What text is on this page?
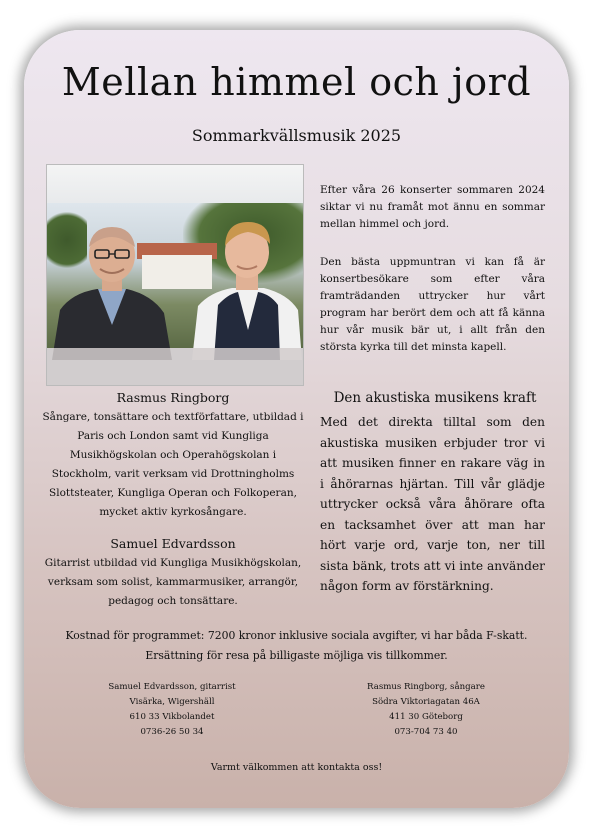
Mellan himmel och jord
Sommarkvällsmusik 2025
Rasmus Ringborg
Sångare, tonsättare och textförfattare, utbildad i Paris och London samt vid Kungliga Musikhögskolan och Operahögskolan i Stockholm, varit verksam vid Drottningholms Slottsteater, Kungliga Operan och Folkoperan, mycket aktiv kyrkosångare.
Samuel Edvardsson
Gitarrist utbildad vid Kungliga Musikhögskolan, verksam som solist, kammarmusiker, arrangör, pedagog och tonsättare.
Efter våra 26 konserter sommaren 2024 siktar vi nu framåt mot ännu en sommar mellan himmel och jord.
Den bästa uppmuntran vi kan få är konsertbesökare som efter våra framträdanden uttrycker hur vårt program har berört dem och att få känna hur vår musik bär ut, i allt från den största kyrka till det minsta kapell.
Den akustiska musikens kraft
Med det direkta tilltal som den akustiska musiken erbjuder tror vi att musiken finner en rakare väg in i åhörarnas hjärtan. Till vår glädje uttrycker också våra åhörare ofta en tacksamhet över att man har hört varje ord, varje ton, ner till sista bänk, trots att vi inte använder någon form av förstärkning.
Kostnad för programmet: 7200 kronor inklusive sociala avgifter, vi har båda F-skatt.
Ersättning för resa på billigaste möjliga vis tillkommer.
Samuel Edvardsson, gitarrist
Visärka, Wigershäll
610 33 Vikbolandet
0736-26 50 34
Rasmus Ringborg, sångare
Södra Viktoriagatan 46A
411 30 Göteborg
073-704 73 40
Varmt välkommen att kontakta oss!
